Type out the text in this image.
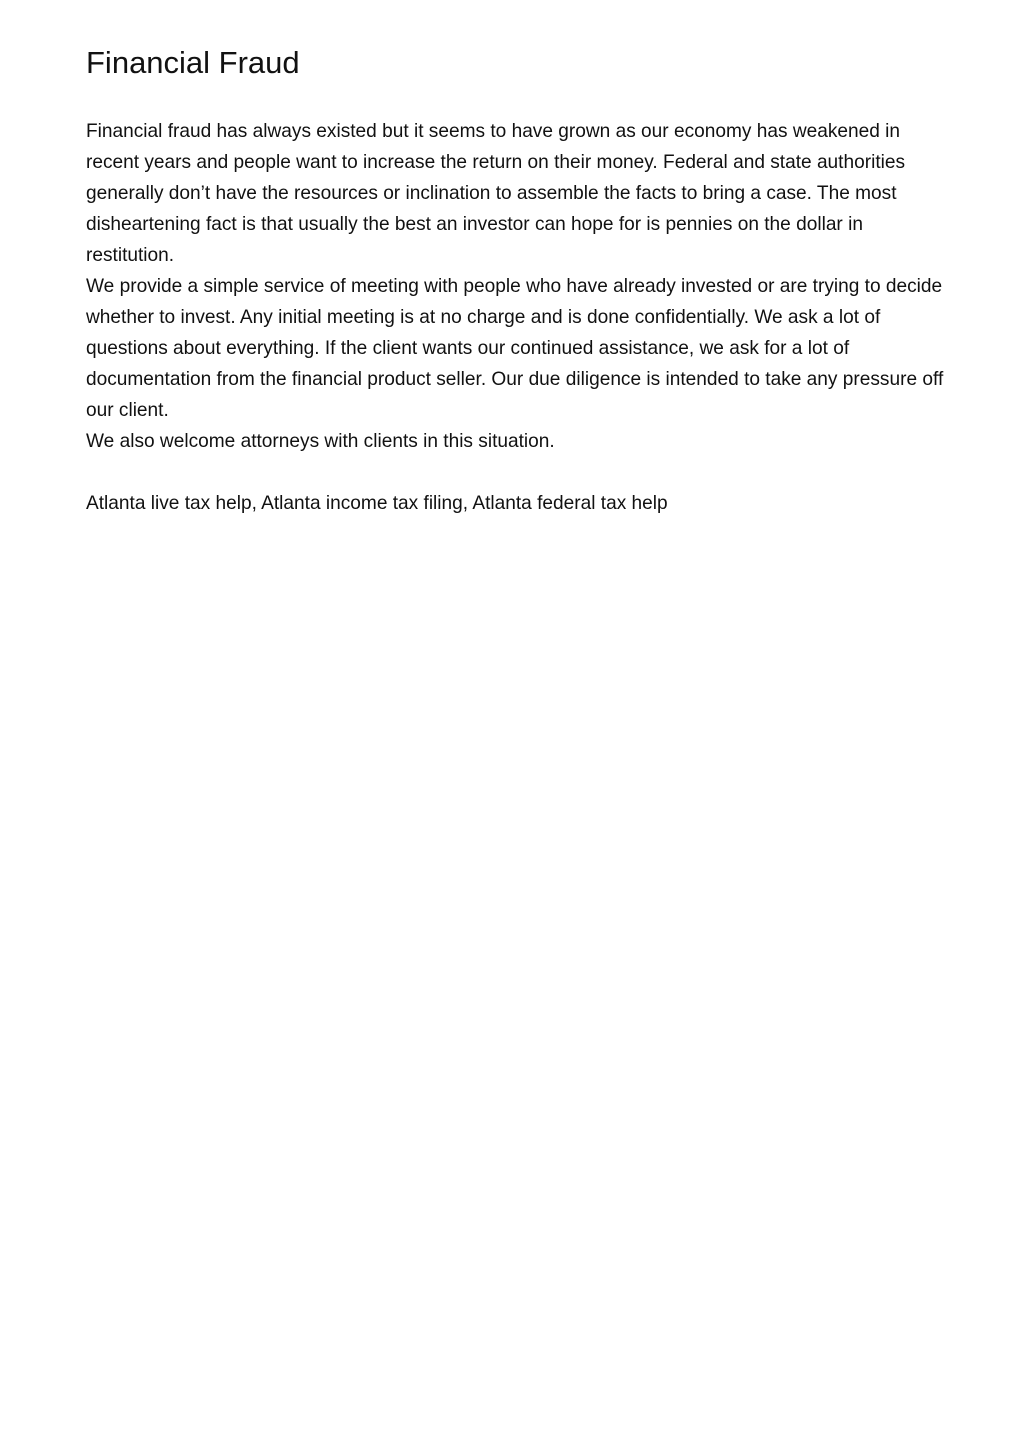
Financial Fraud

Financial fraud has always existed but it seems to have grown as our economy has weakened in recent years and people want to increase the return on their money. Federal and state authorities generally don’t have the resources or inclination to assemble the facts to bring a case. The most disheartening fact is that usually the best an investor can hope for is pennies on the dollar in restitution.

We provide a simple service of meeting with people who have already invested or are trying to decide whether to invest. Any initial meeting is at no charge and is done confidentially. We ask a lot of questions about everything. If the client wants our continued assistance, we ask for a lot of documentation from the financial product seller. Our due diligence is intended to take any pressure off our client.

We also welcome attorneys with clients in this situation.

Atlanta live tax help, Atlanta income tax filing, Atlanta federal tax help
